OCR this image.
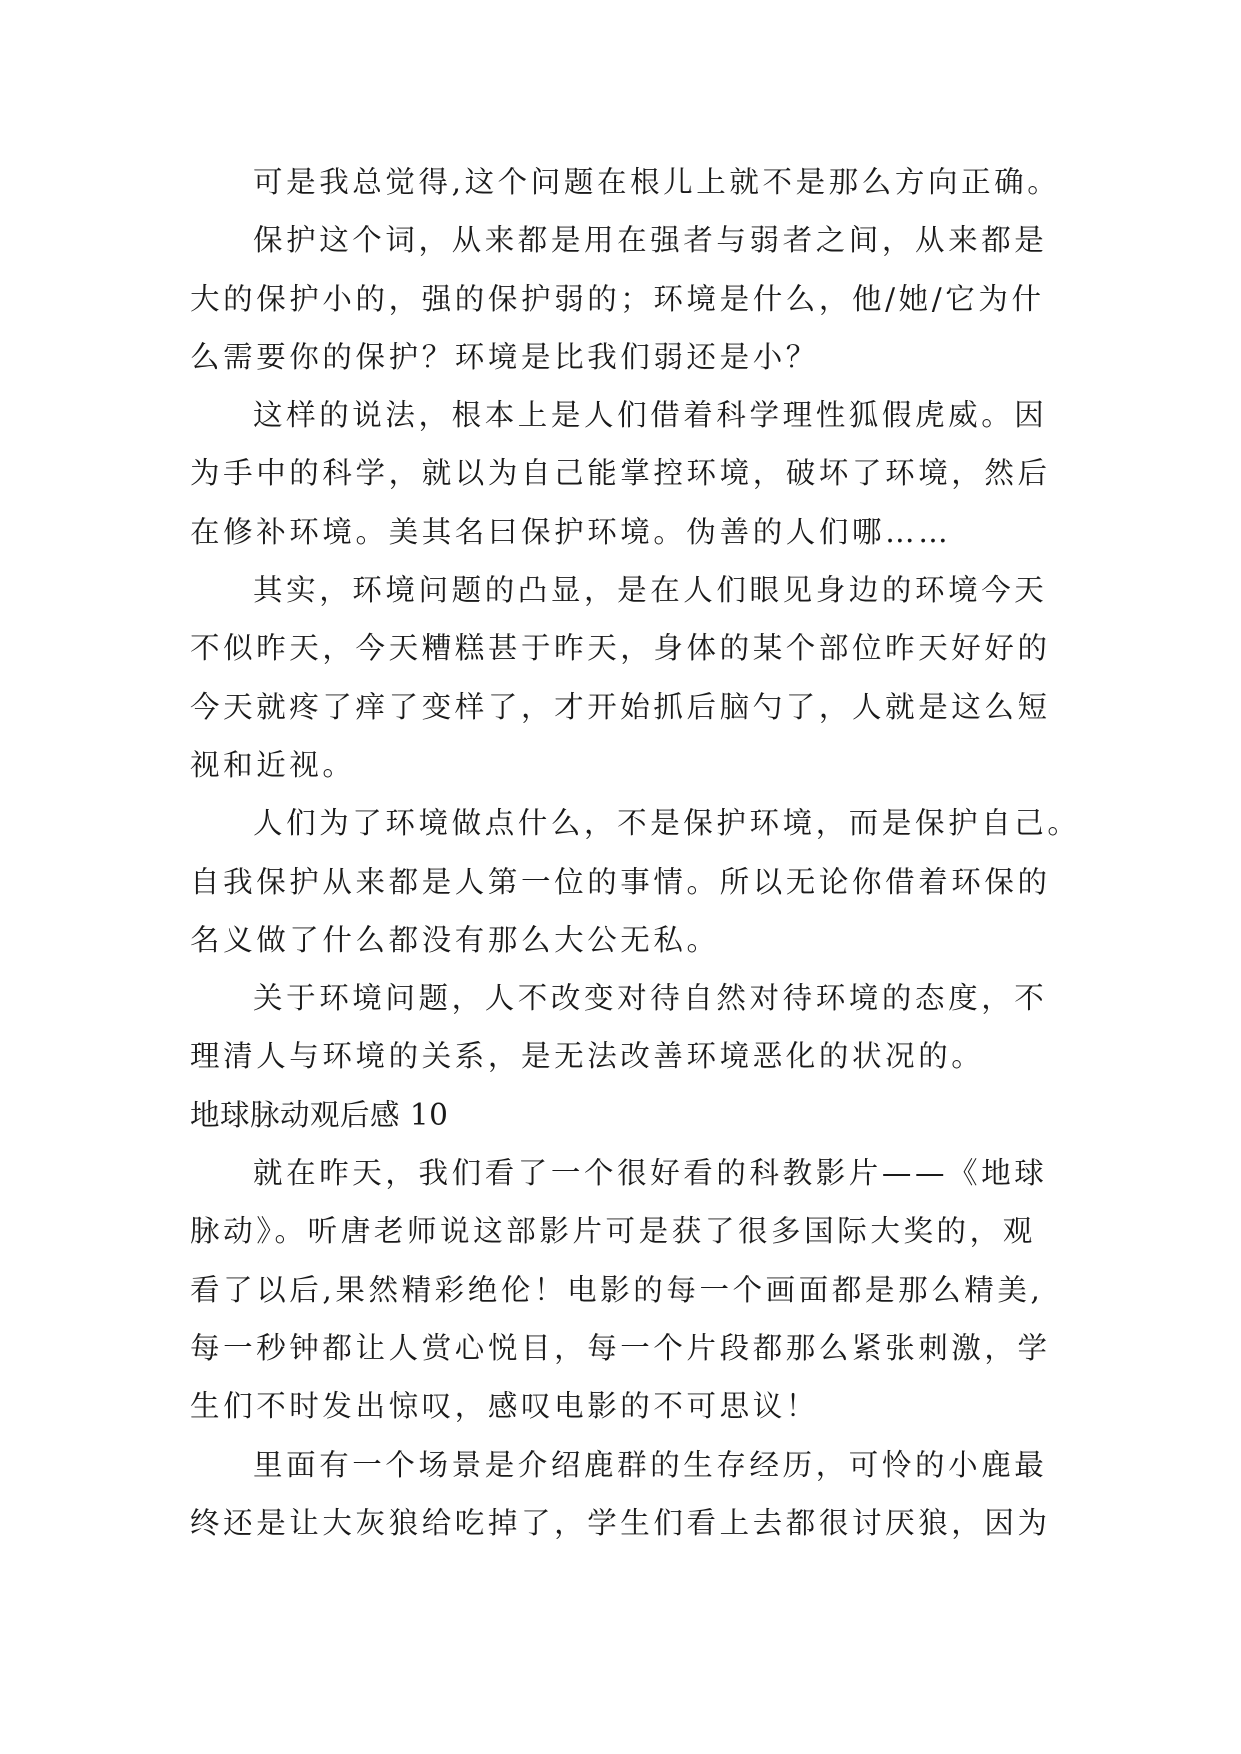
可是我总觉得,这个问题在根儿上就不是那么方向正确。
保护这个词，从来都是用在强者与弱者之间，从来都是
大的保护小的，强的保护弱的；环境是什么，他/她/它为什
么需要你的保护？环境是比我们弱还是小？
这样的说法，根本上是人们借着科学理性狐假虎威。因
为手中的科学，就以为自己能掌控环境，破坏了环境，然后
在修补环境。美其名曰保护环境。伪善的人们哪……
其实，环境问题的凸显，是在人们眼见身边的环境今天
不似昨天，今天糟糕甚于昨天，身体的某个部位昨天好好的
今天就疼了痒了变样了，才开始抓后脑勺了，人就是这么短
视和近视。
人们为了环境做点什么，不是保护环境，而是保护自己。
自我保护从来都是人第一位的事情。所以无论你借着环保的
名义做了什么都没有那么大公无私。
关于环境问题，人不改变对待自然对待环境的态度，不
理清人与环境的关系，是无法改善环境恶化的状况的。
地球脉动观后感 10
就在昨天，我们看了一个很好看的科教影片——《地球
脉动》。听唐老师说这部影片可是获了很多国际大奖的，观
看了以后,果然精彩绝伦！电影的每一个画面都是那么精美,
每一秒钟都让人赏心悦目，每一个片段都那么紧张刺激，学
生们不时发出惊叹，感叹电影的不可思议！
里面有一个场景是介绍鹿群的生存经历，可怜的小鹿最
终还是让大灰狼给吃掉了，学生们看上去都很讨厌狼，因为
